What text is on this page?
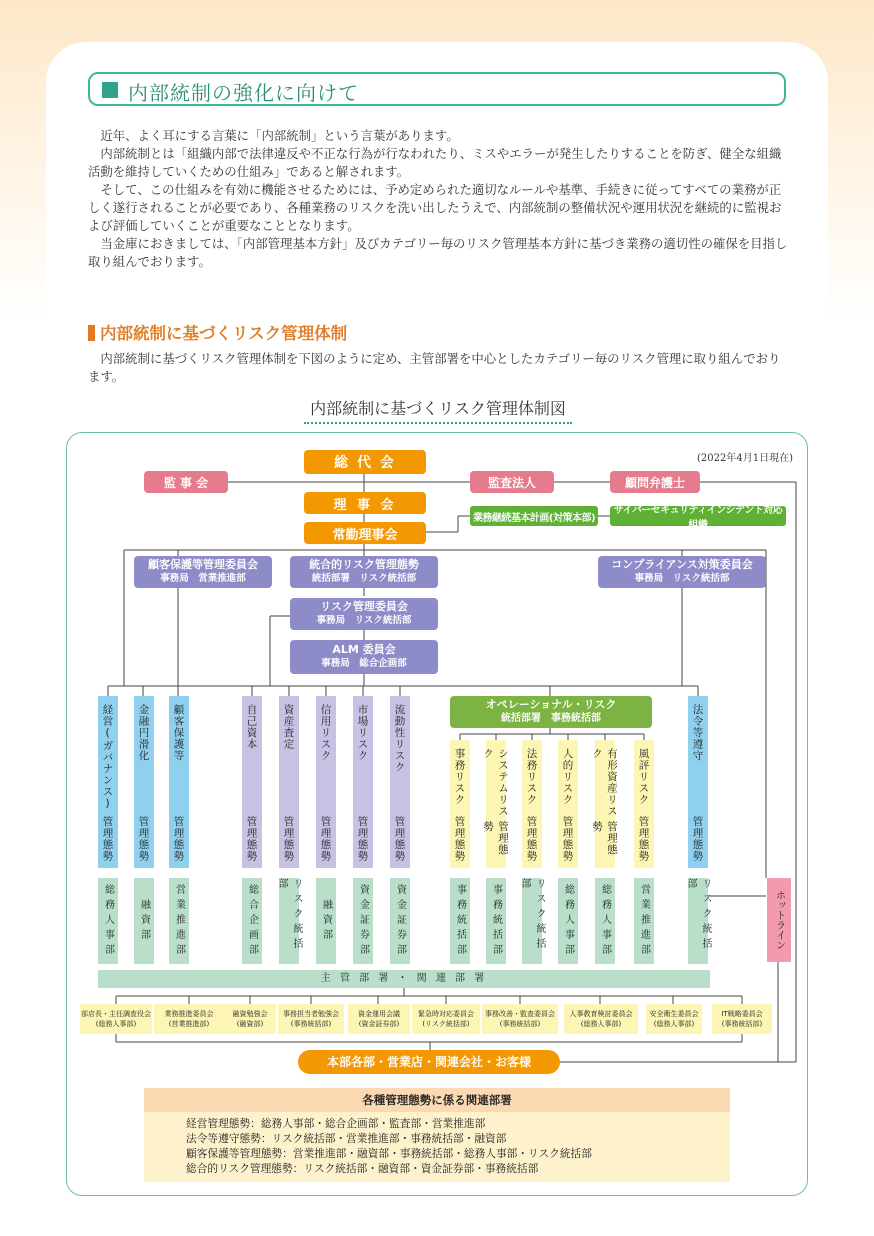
内部統制の強化に向けて

近年、よく耳にする言葉に「内部統制」という言葉があります。

内部統制とは「組織内部で法律違反や不正な行為が行なわれたり、ミスやエラーが発生したりすることを防ぎ、健全な組織活動を維持していくための仕組み」であると解されます。

そして、この仕組みを有効に機能させるためには、予め定められた適切なルールや基準、手続きに従ってすべての業務が正しく遂行されることが必要であり、各種業務のリスクを洗い出したうえで、内部統制の整備状況や運用状況を継続的に監視および評価していくことが重要なこととなります。

当金庫におきましては、「内部管理基本方針」及びカテゴリー毎のリスク管理基本方針に基づき業務の適切性の確保を目指し取り組んでおります。

内部統制に基づくリスク管理体制

内部統制に基づくリスク管理体制を下図のように定め、主管部署を中心としたカテゴリー毎のリスク管理に取り組んでおります。

内部統制に基づくリスク管理体制図
(2022年4月1日現在)
総 代 会
監 事 会	監査法人	顧問弁護士
理 事 会
常勤理事会
業務継続基本計画(対策本部)
サイバーセキュリティインシデント対応組織
顧客保護等管理委員会
事務局　営業推進部
統合的リスク管理態勢
統括部署　リスク統括部
コンプライアンス対策委員会
事務局　リスク統括部
リスク管理委員会
事務局　リスク統括部
ALM 委員会
事務局　総合企画部
オペレーショナル・リスク
統括部署　事務統括部
経営(ガバナンス)
管理態勢
総務人事部
金融円滑化
管理態勢
融資部
顧客保護等
管理態勢
営業推進部
自己資本
管理態勢
総合企画部
資産査定
管理態勢
リスク統括部
信用リスク
管理態勢
融資部
市場リスク
管理態勢
資金証券部
流動性リスク
管理態勢
資金証券部
事務リスク
管理態勢
事務統括部
システムリスク
管理態勢
事務統括部
法務リスク
管理態勢
リスク統括部
人的リスク
管理態勢
総務人事部
有形資産リスク
管理態勢
総務人事部
風評リスク
管理態勢
営業推進部
法令等遵守
管理態勢
リスク統括部
ホットライン
主 管 部 署 ・ 関 連 部 署
部店長・主任調査役会
(総務人事部)
業務推進委員会
(営業推進部)
融資勉強会
(融資部)
事務担当者勉強会
(事務統括部)
資金運用会議
(資金証券部)
緊急時対応委員会
(リスク統括部)
事務改善・監査委員会
(事務統括部)
人事教育検討委員会
(総務人事部)
安全衛生委員会
(総務人事部)
IT戦略委員会
(事務統括部)
本部各部・営業店・関連会社・お客様
各種管理態勢に係る関連部署
経営管理態勢：総務人事部・総合企画部・監査部・営業推進部
法令等遵守態勢：リスク統括部・営業推進部・事務統括部・融資部
顧客保護等管理態勢：営業推進部・融資部・事務統括部・総務人事部・リスク統括部
総合的リスク管理態勢：リスク統括部・融資部・資金証券部・事務統括部
